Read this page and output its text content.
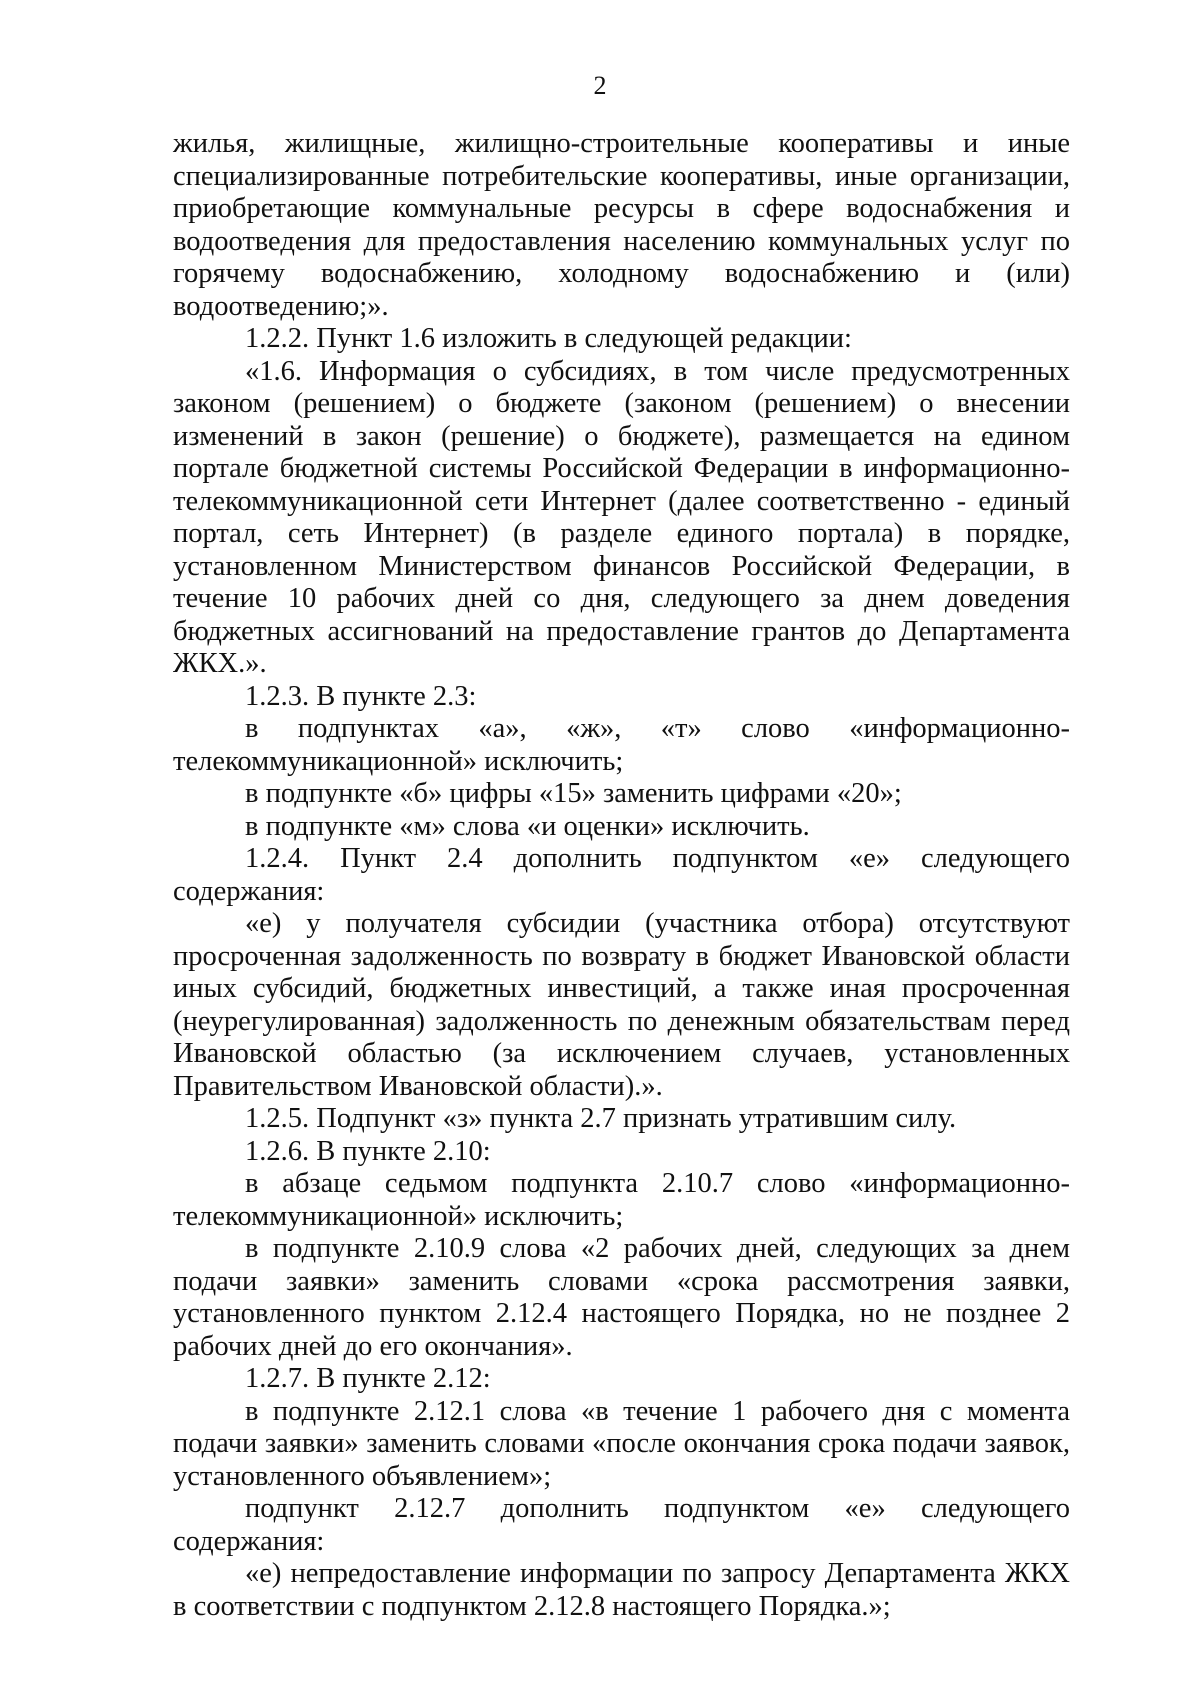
2

жилья, жилищные, жилищно-строительные кооперативы и иные специализированные потребительские кооперативы, иные организации, приобретающие коммунальные ресурсы в сфере водоснабжения и водоотведения для предоставления населению коммунальных услуг по горячему водоснабжению, холодному водоснабжению и (или) водоотведению;».

1.2.2. Пункт 1.6 изложить в следующей редакции:

«1.6. Информация о субсидиях, в том числе предусмотренных законом (решением) о бюджете (законом (решением) о внесении изменений в закон (решение) о бюджете), размещается на едином портале бюджетной системы Российской Федерации в информационно-телекоммуникационной сети Интернет (далее соответственно - единый портал, сеть Интернет) (в разделе единого портала) в порядке, установленном Министерством финансов Российской Федерации, в течение 10 рабочих дней со дня, следующего за днем доведения бюджетных ассигнований на предоставление грантов до Департамента ЖКХ.».

1.2.3. В пункте 2.3:

в подпунктах «а», «ж», «т» слово «информационно-телекоммуникационной» исключить;

в подпункте «б» цифры «15» заменить цифрами «20»;

в подпункте «м» слова «и оценки» исключить.

1.2.4. Пункт 2.4 дополнить подпунктом «е» следующего содержания:

«е) у получателя субсидии (участника отбора) отсутствуют просроченная задолженность по возврату в бюджет Ивановской области иных субсидий, бюджетных инвестиций, а также иная просроченная (неурегулированная) задолженность по денежным обязательствам перед Ивановской областью (за исключением случаев, установленных Правительством Ивановской области).».

1.2.5. Подпункт «з» пункта 2.7 признать утратившим силу.

1.2.6. В пункте 2.10:

в абзаце седьмом подпункта 2.10.7 слово «информационно-телекоммуникационной» исключить;

в подпункте 2.10.9 слова «2 рабочих дней, следующих за днем подачи заявки» заменить словами «срока рассмотрения заявки, установленного пунктом 2.12.4 настоящего Порядка, но не позднее 2 рабочих дней до его окончания».

1.2.7. В пункте 2.12:

в подпункте 2.12.1 слова «в течение 1 рабочего дня с момента подачи заявки» заменить словами «после окончания срока подачи заявок, установленного объявлением»;

подпункт 2.12.7 дополнить подпунктом «е» следующего содержания:

«е) непредоставление информации по запросу Департамента ЖКХ в соответствии с подпунктом 2.12.8 настоящего Порядка.»;
